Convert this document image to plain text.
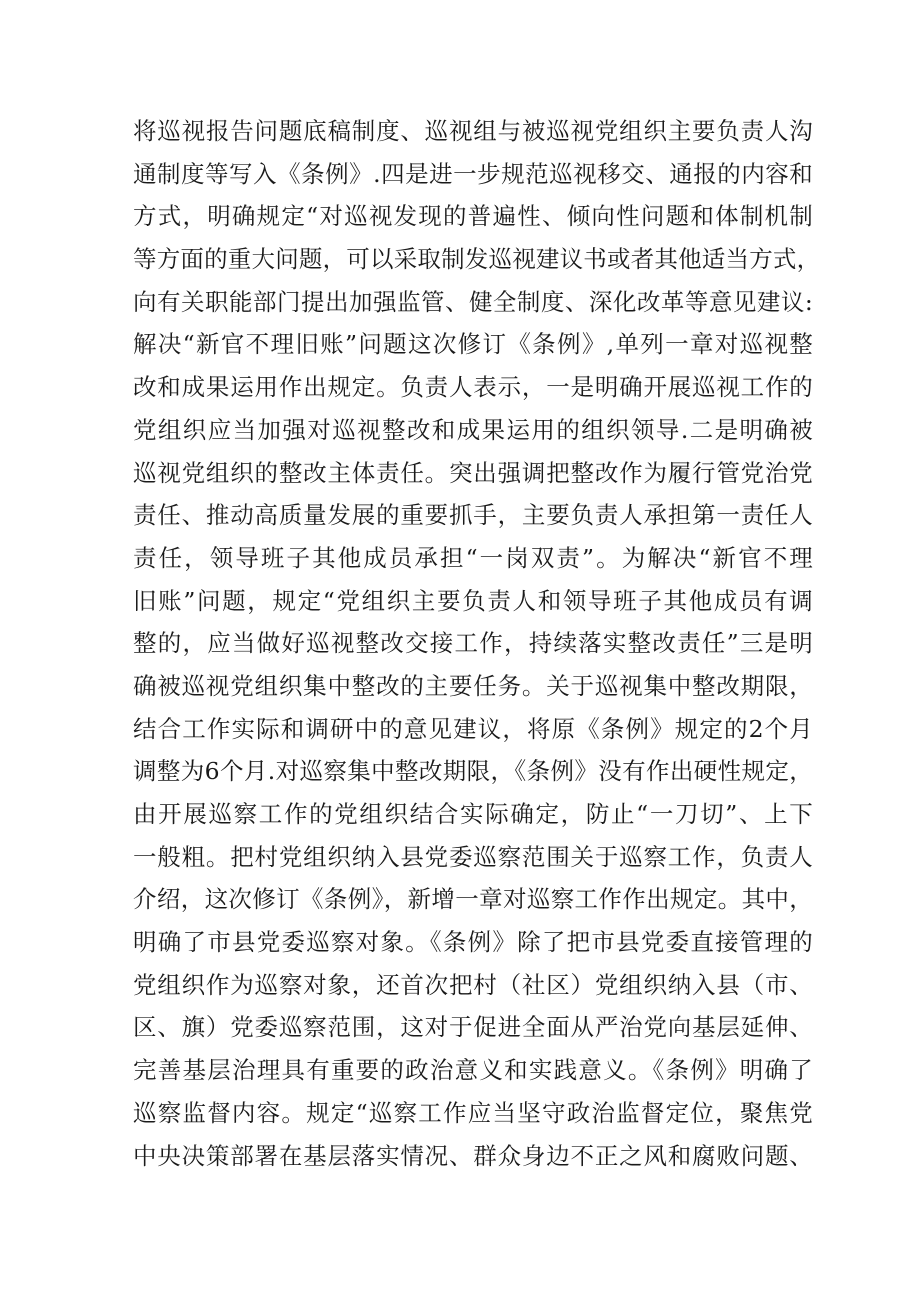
将巡视报告问题底稿制度、巡视组与被巡视党组织主要负责人沟
通制度等写入《条例》.四是进一步规范巡视移交、通报的内容和
方式，明确规定“对巡视发现的普遍性、倾向性问题和体制机制
等方面的重大问题，可以采取制发巡视建议书或者其他适当方式，
向有关职能部门提出加强监管、健全制度、深化改革等意见建议:
解决“新官不理旧账”问题这次修订《条例》,单列一章对巡视整
改和成果运用作出规定。负责人表示，一是明确开展巡视工作的
党组织应当加强对巡视整改和成果运用的组织领导.二是明确被
巡视党组织的整改主体责任。突出强调把整改作为履行管党治党
责任、推动高质量发展的重要抓手，主要负责人承担第一责任人
责任，领导班子其他成员承担“一岗双责”。为解决“新官不理
旧账”问题，规定“党组织主要负责人和领导班子其他成员有调
整的，应当做好巡视整改交接工作，持续落实整改责任”三是明
确被巡视党组织集中整改的主要任务。关于巡视集中整改期限，
结合工作实际和调研中的意见建议，将原《条例》规定的2个月
调整为6个月.对巡察集中整改期限，《条例》没有作出硬性规定，
由开展巡察工作的党组织结合实际确定，防止“一刀切”、上下
一般粗。把村党组织纳入县党委巡察范围关于巡察工作，负责人
介绍，这次修订《条例》，新增一章对巡察工作作出规定。其中，
明确了市县党委巡察对象。《条例》除了把市县党委直接管理的
党组织作为巡察对象，还首次把村（社区）党组织纳入县（市、
区、旗）党委巡察范围，这对于促进全面从严治党向基层延伸、
完善基层治理具有重要的政治意义和实践意义。《条例》明确了
巡察监督内容。规定“巡察工作应当坚守政治监督定位，聚焦党
中央决策部署在基层落实情况、群众身边不正之风和腐败问题、
